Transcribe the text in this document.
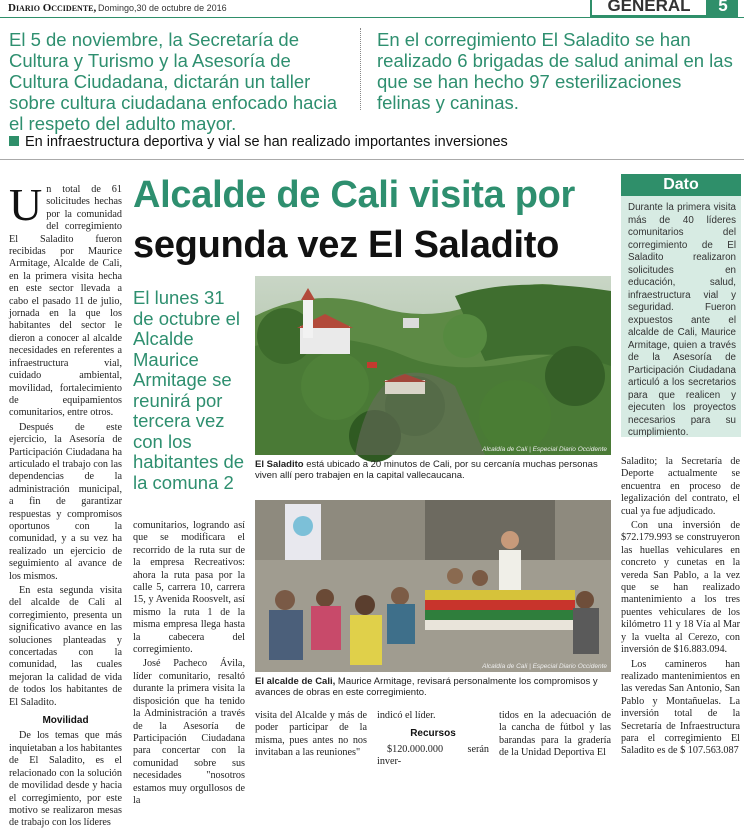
Diario Occidente, Domingo,30 de octubre de 2016	GENERAL	5
El 5 de noviembre, la Secretaría de Cultura y Turismo y la Asesoría de Cultura Ciudadana, dictarán un taller sobre cultura ciudadana enfocado hacia el respeto del adulto mayor.
En el corregimiento El Saladito se han realizado 6 brigadas de salud animal en las que se han hecho 97 esterilizaciones felinas y caninas.
En infraestructura deportiva y vial se han realizado importantes inversiones
Alcalde de Cali visita por
segunda vez El Saladito

Un total de 61 solicitudes hechas por la comunidad del corregimiento El Saladito fueron recibidas por Maurice Armitage, Alcalde de Cali, en la primera visita hecha en este sector llevada a cabo el pasado 11 de julio, jornada en la que los habitantes del sector le dieron a conocer al alcalde necesidades en referentes a infraestructura vial, cuidado ambiental, movilidad, fortalecimiento de equipamientos comunitarios, entre otros.

Después de este ejercicio, la Asesoría de Participación Ciudadana ha articulado el trabajo con las dependencias de la administración municipal, a fin de garantizar respuestas y compromisos oportunos con la comunidad, y a su vez ha realizado un ejercicio de seguimiento al avance de los mismos.

En esta segunda visita del alcalde de Cali al corregimiento, presenta un significativo avance en las soluciones planteadas y concertadas con la comunidad, las cuales mejoran la calidad de vida de todos los habitantes de El Saladito.

Movilidad

De los temas que más inquietaban a los habitantes de El Saladito, es el relacionado con la solución de movilidad desde y hacia el corregimiento, por este motivo se realizaron mesas de trabajo con los líderes

El lunes 31 de octubre el Alcalde Maurice Armitage se reunirá por tercera vez con los habitantes de la comuna 2
Alcaldía de Cali | Especial Diario Occidente
El Saladito está ubicado a 20 minutos de Cali, por su cercanía muchas personas viven allí pero trabajen en la capital vallecaucana.

comunitarios, logrando así que se modificara el recorrido de la ruta sur de la empresa Recreativos: ahora la ruta pasa por la calle 5, carrera 10, carrera 15, y Avenida Roosvelt, así mismo la ruta 1 de la misma empresa llega hasta la cabecera del corregimiento.

José Pacheco Ávila, líder comunitario, resaltó durante la primera visita la disposición que ha tenido la Administración a través de la Asesoría de Participación Ciudadana para concertar con la comunidad sobre sus necesidades "nosotros estamos muy orgullosos de la

Alcaldía de Cali | Especial Diario Occidente
El alcalde de Cali, Maurice Armitage, revisará personalmente los compromisos y avances de obras en este corregimiento.

visita del Alcalde y más de poder participar de la misma, pues antes no nos invitaban a las reuniones"

indicó el líder.

Recursos

$120.000.000 serán inver-

tidos en la adecuación de la cancha de fútbol y las barandas para la gradería de la Unidad Deportiva El

Dato
Durante la primera visita más de 40 líderes comunitarios del corregimiento de El Saladito realizaron solicitudes en educación, salud, infraestructura vial y seguridad. Fueron expuestos ante el alcalde de Cali, Maurice Armitage, quien a través de la Asesoría de Participación Ciudadana articuló a los secretarios para que realicen y ejecuten los proyectos necesarios para su cumplimiento.

Saladito; la Secretaría de Deporte actualmente se encuentra en proceso de legalización del contrato, el cual ya fue adjudicado.

Con una inversión de $72.179.993 se construyeron las huellas vehiculares en concreto y cunetas en la vereda San Pablo, a la vez que se han realizado mantenimiento a los tres puentes vehiculares de los kilómetro 11 y 18 Vía al Mar y la vuelta al Cerezo, con inversión de $16.883.094.

Los camineros han realizado mantenimientos en las veredas San Antonio, San Pablo y Montañuelas. La inversión total de la Secretaría de Infraestructura para el corregimiento El Saladito es de $ 107.563.087
